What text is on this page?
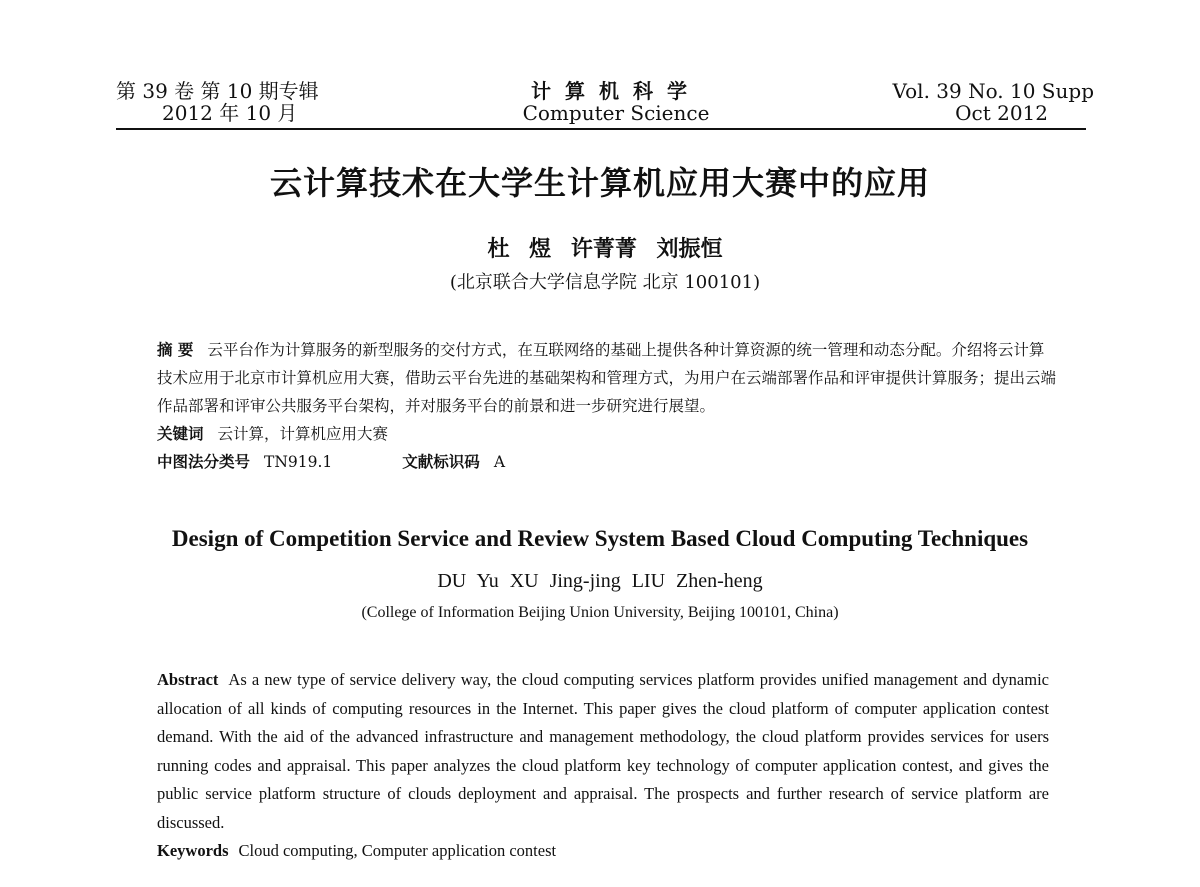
第 39 卷 第 10 期专辑
2012 年 10 月
计算机科学
Computer Science
Vol. 39 No. 10 Supp
Oct 2012
云计算技术在大学生计算机应用大赛中的应用
杜 煜 许菁菁 刘振恒
(北京联合大学信息学院 北京 100101)
摘 要 云平台作为计算服务的新型服务的交付方式，在互联网络的基础上提供各种计算资源的统一管理和动态分配。介绍将云计算技术应用于北京市计算机应用大赛，借助云平台先进的基础架构和管理方式，为用户在云端部署作品和评审提供计算服务；提出云端作品部署和评审公共服务平台架构，并对服务平台的前景和进一步研究进行展望。
关键词 云计算，计算机应用大赛
中图法分类号 TN919.1	文献标识码 A
Design of Competition Service and Review System Based Cloud Computing Techniques
DU Yu XU Jing-jing LIU Zhen-heng
(College of Information Beijing Union University, Beijing 100101, China)
Abstract As a new type of service delivery way, the cloud computing services platform provides unified management and dynamic allocation of all kinds of computing resources in the Internet. This paper gives the cloud platform of computer application contest demand. With the aid of the advanced infrastructure and management methodology, the cloud platform provides services for users running codes and appraisal. This paper analyzes the cloud platform key technology of computer application contest, and gives the public service platform structure of clouds deployment and appraisal. The prospects and further research of service platform are discussed.
Keywords Cloud computing, Computer application contest
